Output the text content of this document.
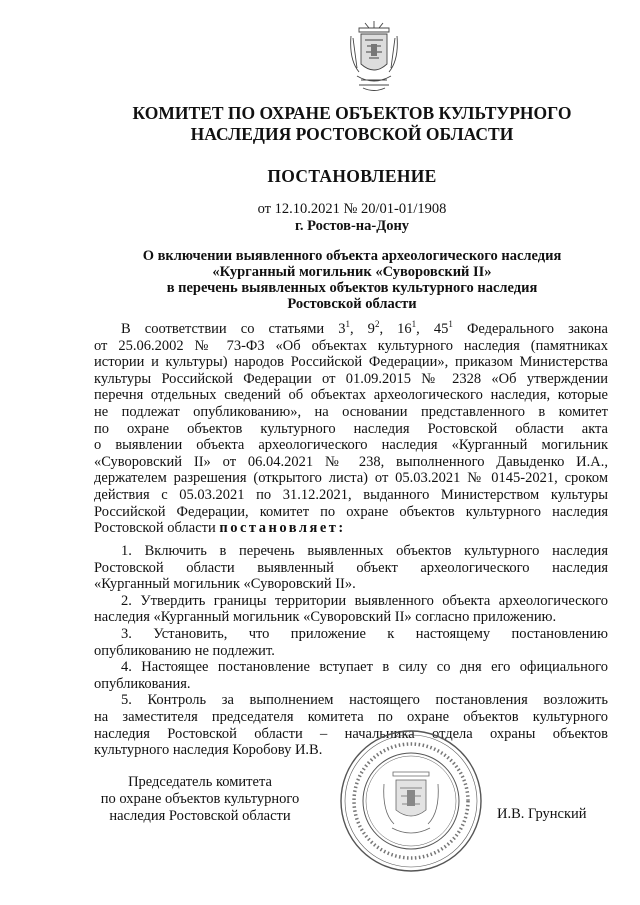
КОМИТЕТ ПО ОХРАНЕ ОБЪЕКТОВ КУЛЬТУРНОГО
НАСЛЕДИЯ РОСТОВСКОЙ ОБЛАСТИ
ПОСТАНОВЛЕНИЕ
от 12.10.2021 № 20/01-01/1908
г. Ростов-на-Дону
О включении выявленного объекта археологического наследия
«Курганный могильник «Суворовский II»
в перечень выявленных объектов культурного наследия
Ростовской области
В соответствии со статьями $3^1$, $9^2$, $16^1$, $45^1$ Федерального закона
от 25.06.2002 № 73-ФЗ «Об объектах культурного наследия (памятниках
истории и культуры) народов Российской Федерации», приказом Министерства
культуры Российской Федерации от 01.09.2015 № 2328 «Об утверждении
перечня отдельных сведений об объектах археологического наследия, которые
не подлежат опубликованию», на основании представленного в комитет
по охране объектов культурного наследия Ростовской области акта
о выявлении объекта археологического наследия «Курганный могильник
«Суворовский II» от 06.04.2021 № 238, выполненного Давыденко И.А.,
держателем разрешения (открытого листа) от 05.03.2021 № 0145-2021, сроком
действия с 05.03.2021 по 31.12.2021, выданного Министерством культуры
Российской Федерации, комитет по охране объектов культурного наследия
Ростовской области постановляет:
1. Включить в перечень выявленных объектов культурного наследия
Ростовской области выявленный объект археологического наследия
«Курганный могильник «Суворовский II».
2. Утвердить границы территории выявленного объекта археологического
наследия «Курганный могильник «Суворовский II» согласно приложению.
3. Установить, что приложение к настоящему постановлению
опубликованию не подлежит.
4. Настоящее постановление вступает в силу со дня его официального
опубликования.
5. Контроль за выполнением настоящего постановления возложить
на заместителя председателя комитета по охране объектов культурного
наследия Ростовской области – начальника отдела охраны объектов
культурного наследия Коробову И.В.
Председатель комитета
по охране объектов культурного
наследия Ростовской области	И.В. Грунский
